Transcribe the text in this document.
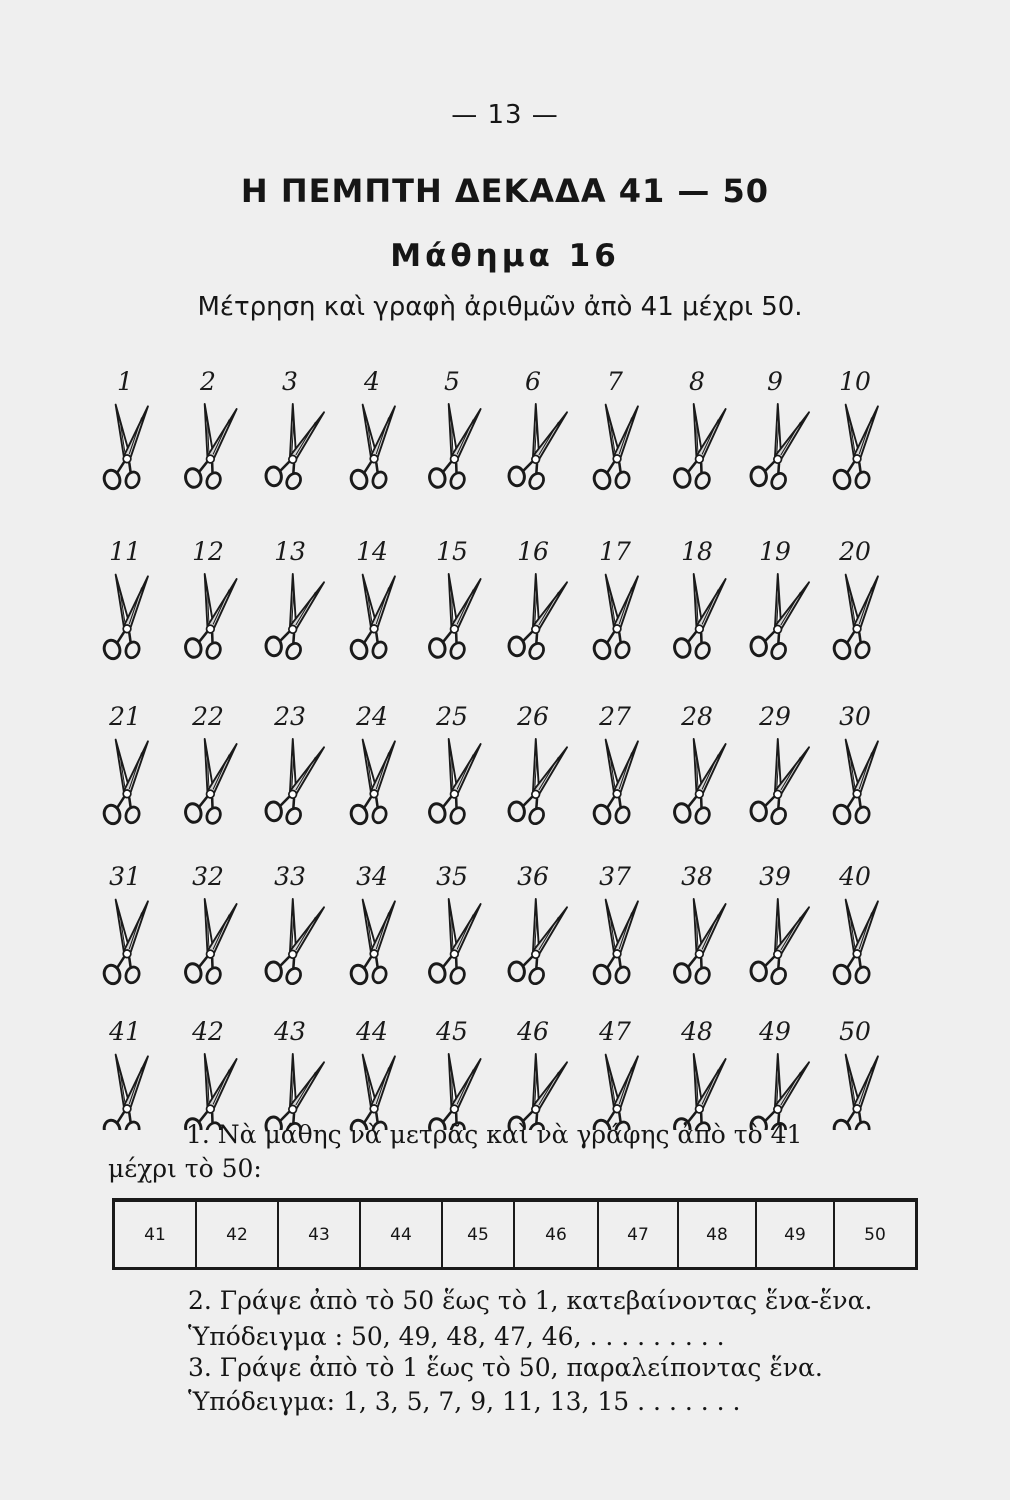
— 13 —
Η ΠΕΜΠΤΗ ΔΕΚΑΔΑ 41 — 50
Μάθημα 16
Μέτρηση καὶ γραφὴ ἀριθμῶν ἀπὸ 41 μέχρι 50.
1	2	3	4	5	6	7	8 9 10
11 12 13 14 15 16 17 18 19 20
21 22 23 24 25 26 27 28 29 30
31 32 33 34 35 36 37 38 39 40
41 42 43 44 45 46 47 48 49 50
1. Νὰ μάθης νὰ μετρᾶς καὶ νὰ γράφης ἀπὸ τὸ 41
μέχρι τὸ 50:
41	42	43	44	45	46	47	48	49	50
2. Γράψε ἀπὸ τὸ 50 ἕως τὸ 1, κατεβαίνοντας ἕνα-ἕνα.
Ὑπόδειγμα : 50, 49, 48, 47, 46, . . . . . . . . .
3. Γράψε ἀπὸ τὸ 1 ἕως τὸ 50, παραλείποντας ἕνα.
Ὑπόδειγμα: 1, 3, 5, 7, 9, 11, 13, 15 . . . . . . .
